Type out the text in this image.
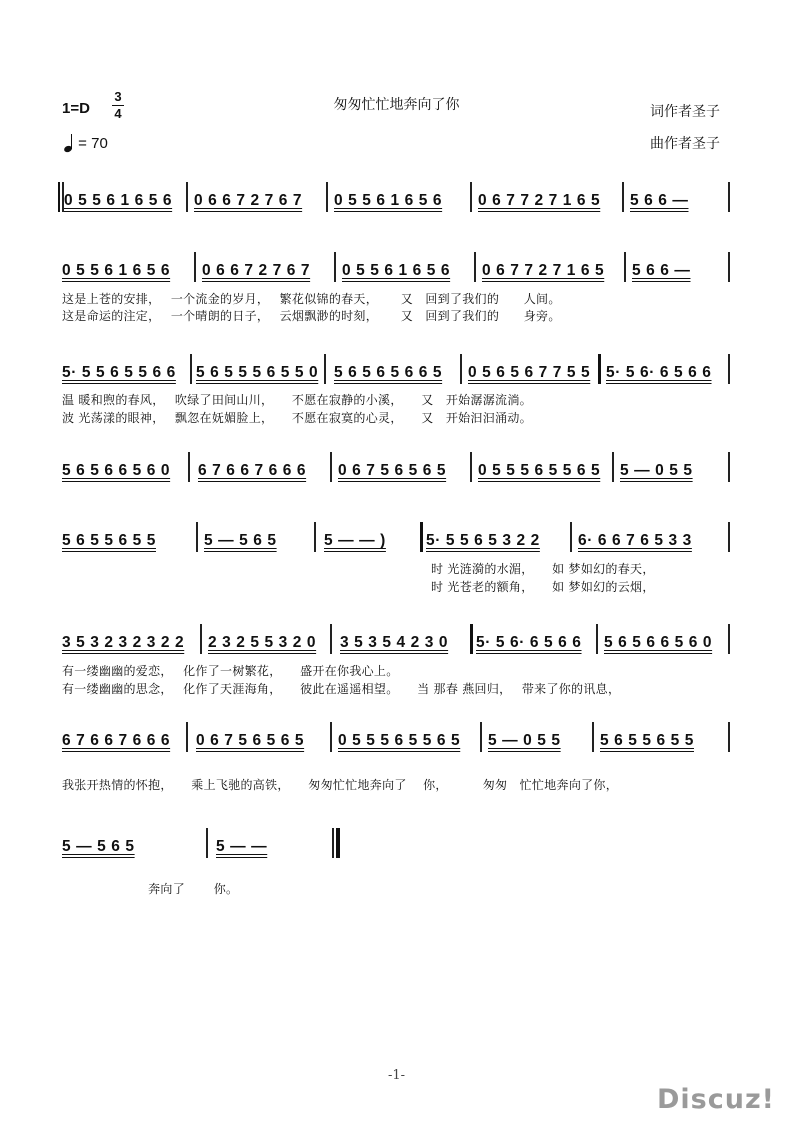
1=D
3
4
= 70
匆匆忙忙地奔向了你	词作者圣子
曲作者圣子
0 5 5 6 1 6 5 6 0 6 6 7 2 7 6 7 0 5 5 6 1 6 5 6 0 6 7 7 2 7 1 6 5 5 6 6 —
0 5 5 6 1 6 5 6 0 6 6 7 2 7 6 7 0 5 5 6 1 6 5 6 0 6 7 7 2 7 1 6 5 5 6 6 —
这是上苍的安排，　 一个流金的岁月，　 繁花似锦的春天，　　 又　回到了我们的　　人间。
这是命运的注定，　 一个晴朗的日子，　 云烟飘渺的时刻，　　 又　回到了我们的　　身旁。
5· 5 5 6 5 5 6 6 5 6 5 5 5 6 5 5 0 5 6 5 6 5 6 6 5 0 5 6 5 6 7 7 5 5 5· 5 6· 6 5 6 6
温 暖和煦的春风，　 吹绿了田间山川，　　不愿在寂静的小溪，　　又　开始潺潺流淌。
波 光荡漾的眼神，　 飘忽在妩媚脸上，　　不愿在寂寞的心灵，　　又　开始汩汩涌动。
5 6 5 6 6 5 6 0 6 7 6 6 7 6 6 6 0 6 7 5 6 5 6 5 0 5 5 5 6 5 5 6 5 5 — 0 5 5
5 6 5 5 6 5 5	5 — 5 6 5	5 — — )	5· 5 5 6 5 3 2 2 6· 6 6 7 6 5 3 3
　　　　　　　　　　　　　　　　　　　　　　　　　　　　　　时 光涟漪的水湄，　　如 梦如幻的春天，
　　　　　　　　　　　　　　　　　　　　　　　　　　　　　　时 光苍老的额角，　　如 梦如幻的云烟，
3 5 3 2 3 2 3 2 2 2 3 2 5 5 3 2 0 3 5 3 5 4 2 3 0 5· 5 6· 6 5 6 6 5 6 5 6 6 5 6 0
有一缕幽幽的爱恋，　 化作了一树繁花，　　盛开在你我心上。
有一缕幽幽的思念，　 化作了天涯海角，　　彼此在遥遥相望。　　当 那春 燕回归，　 带来了你的讯息，
6 7 6 6 7 6 6 6 0 6 7 5 6 5 6 5 0 5 5 5 6 5 5 6 5 5 — 0 5 5	5 6 5 5 6 5 5
我张开热情的怀抱，　　乘上飞驰的高铁，　　匆匆忙忙地奔向了　 你，　　　 匆匆　忙忙地奔向了你，
5 — 5 6 5	5 — —
　　　　　　　奔向了　　 你。
-1-
Discuz!
